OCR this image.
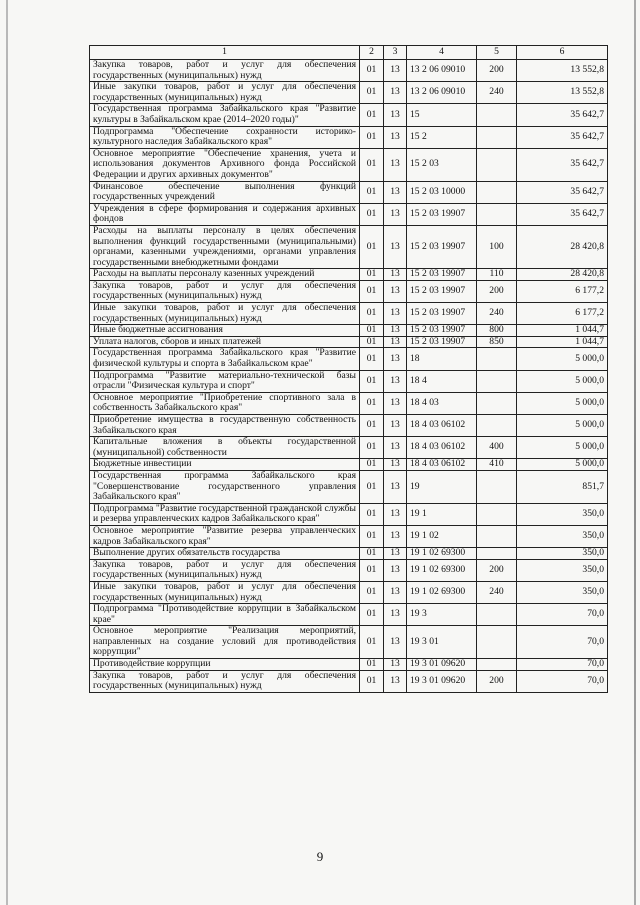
1	2	3	4	5	6
Закупка товаров, работ и услуг для обеспечения государственных (муниципальных) нужд	01	13	13 2 06 09010	200	13 552,8
Иные закупки товаров, работ и услуг для обеспечения государственных (муниципальных) нужд	01	13	13 2 06 09010	240	13 552,8
Государственная программа Забайкальского края "Развитие культуры в Забайкальском крае (2014–2020 годы)"	01	13	15		35 642,7
Подпрограмма "Обеспечение сохранности историко-культурного наследия Забайкальского края"	01	13	15 2		35 642,7
Основное мероприятие "Обеспечение хранения, учета и использования документов Архивного фонда Российской Федерации и других архивных документов"	01	13	15 2 03		35 642,7
Финансовое обеспечение выполнения функций государственных учреждений	01	13	15 2 03 10000		35 642,7
Учреждения в сфере формирования и содержания архивных фондов	01	13	15 2 03 19907		35 642,7
Расходы на выплаты персоналу в целях обеспечения выполнения функций государственными (муниципальными) органами, казенными учреждениями, органами управления государственными внебюджетными фондами	01	13	15 2 03 19907	100	28 420,8
Расходы на выплаты персоналу казенных учреждений	01	13	15 2 03 19907	110	28 420,8
Закупка товаров, работ и услуг для обеспечения государственных (муниципальных) нужд	01	13	15 2 03 19907	200	6 177,2
Иные закупки товаров, работ и услуг для обеспечения государственных (муниципальных) нужд	01	13	15 2 03 19907	240	6 177,2
Иные бюджетные ассигнования	01	13	15 2 03 19907	800	1 044,7
Уплата налогов, сборов и иных платежей	01	13	15 2 03 19907	850	1 044,7
Государственная программа Забайкальского края "Развитие физической культуры и спорта в Забайкальском крае"	01	13	18		5 000,0
Подпрограмма "Развитие материально-технической базы отрасли "Физическая культура и спорт"	01	13	18 4		5 000,0
Основное мероприятие "Приобретение спортивного зала в собственность Забайкальского края"	01	13	18 4 03		5 000,0
Приобретение имущества в государственную собственность Забайкальского края	01	13	18 4 03 06102		5 000,0
Капитальные вложения в объекты государственной (муниципальной) собственности	01	13	18 4 03 06102	400	5 000,0
Бюджетные инвестиции	01	13	18 4 03 06102	410	5 000,0
Государственная программа Забайкальского края "Совершенствование государственного управления Забайкальского края"	01	13	19		851,7
Подпрограмма "Развитие государственной гражданской службы и резерва управленческих кадров Забайкальского края"	01	13	19 1		350,0
Основное мероприятие "Развитие резерва управленческих кадров Забайкальского края"	01	13	19 1 02		350,0
Выполнение других обязательств государства	01	13	19 1 02 69300		350,0
Закупка товаров, работ и услуг для обеспечения государственных (муниципальных) нужд	01	13	19 1 02 69300	200	350,0
Иные закупки товаров, работ и услуг для обеспечения государственных (муниципальных) нужд	01	13	19 1 02 69300	240	350,0
Подпрограмма "Противодействие коррупции в Забайкальском крае"	01	13	19 3		70,0
Основное мероприятие "Реализация мероприятий, направленных на создание условий для противодействия коррупции"	01	13	19 3 01		70,0
Противодействие коррупции	01	13	19 3 01 09620		70,0
Закупка товаров, работ и услуг для обеспечения государственных (муниципальных) нужд	01	13	19 3 01 09620	200	70,0
9
